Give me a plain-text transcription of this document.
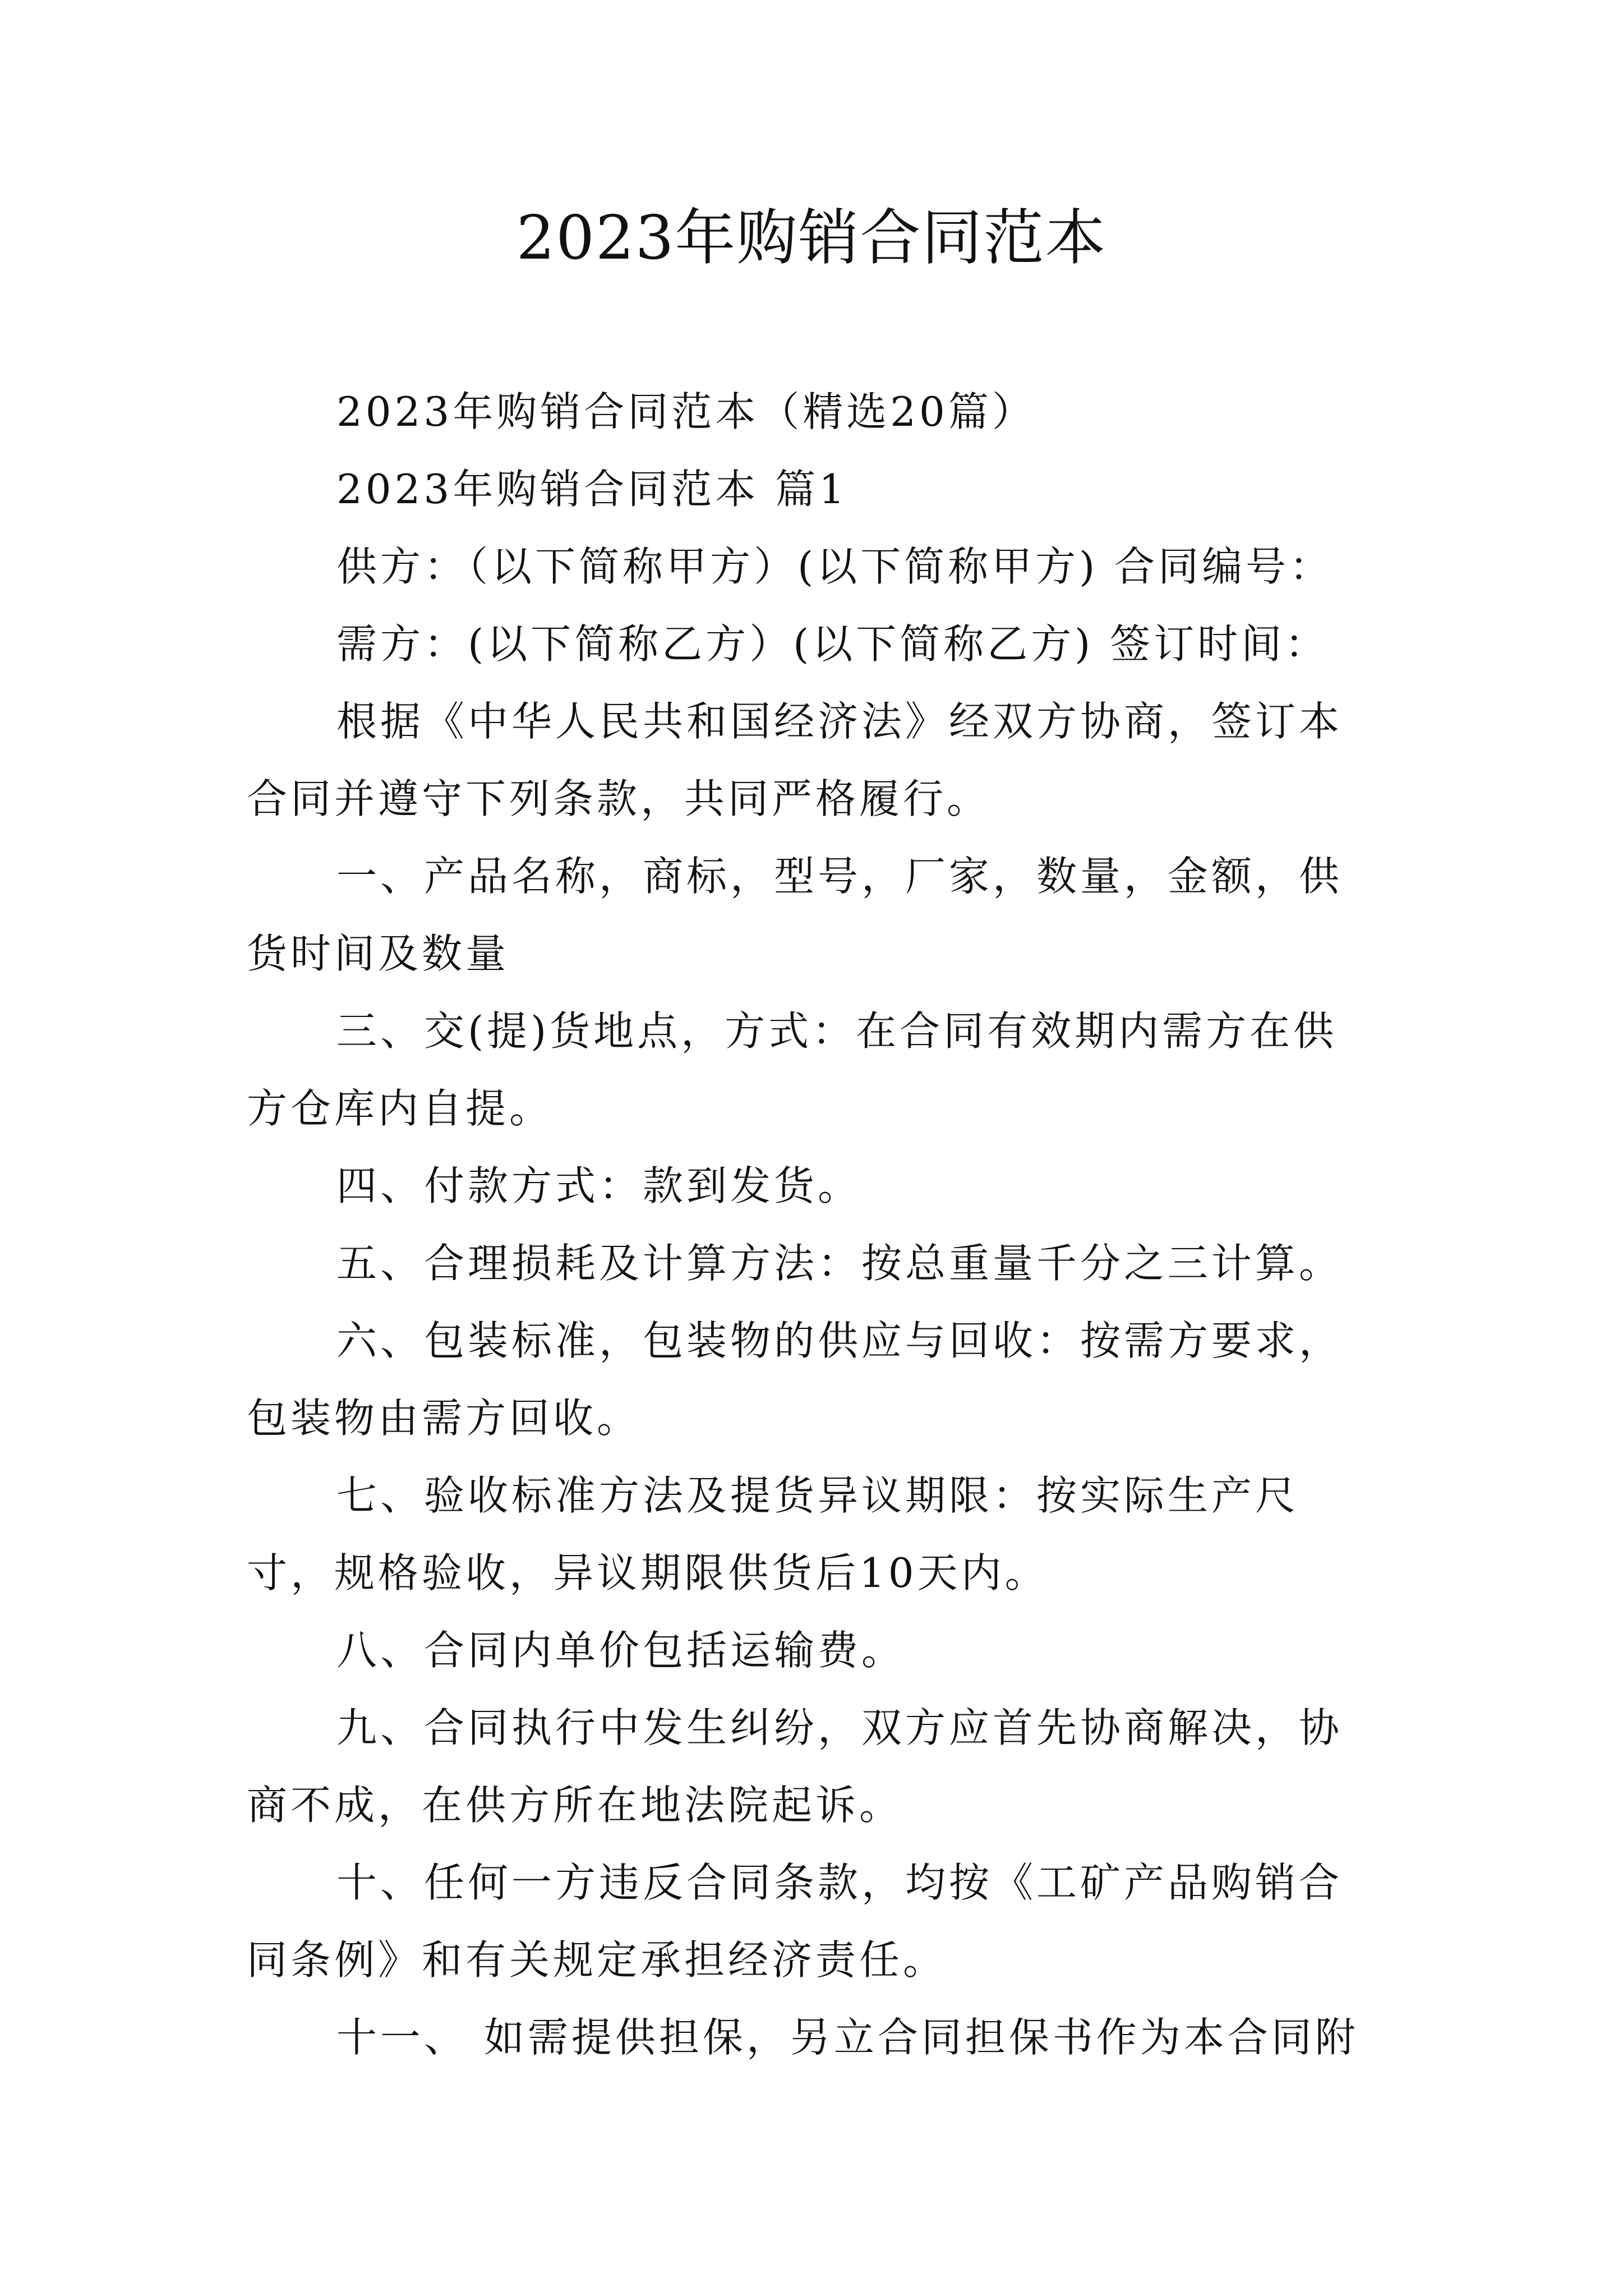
2023年购销合同范本

2023年购销合同范本（精选20篇）

2023年购销合同范本 篇1

供方：（以下简称甲方）(以下简称甲方) 合同编号：

需方：(以下简称乙方）(以下简称乙方) 签订时间：

根据《中华人民共和国经济法》经双方协商，签订本合同并遵守下列条款，共同严格履行。

一、产品名称，商标，型号，厂家，数量，金额，供货时间及数量

三、交(提)货地点，方式：在合同有效期内需方在供方仓库内自提。

四、付款方式：款到发货。

五、合理损耗及计算方法：按总重量千分之三计算。

六、包装标准，包装物的供应与回收：按需方要求，包装物由需方回收。

七、验收标准方法及提货异议期限：按实际生产尺寸，规格验收，异议期限供货后10天内。

八、合同内单价包括运输费。

九、合同执行中发生纠纷，双方应首先协商解决，协商不成，在供方所在地法院起诉。

十、任何一方违反合同条款，均按《工矿产品购销合同条例》和有关规定承担经济责任。

十一、 如需提供担保，另立合同担保书作为本合同附
